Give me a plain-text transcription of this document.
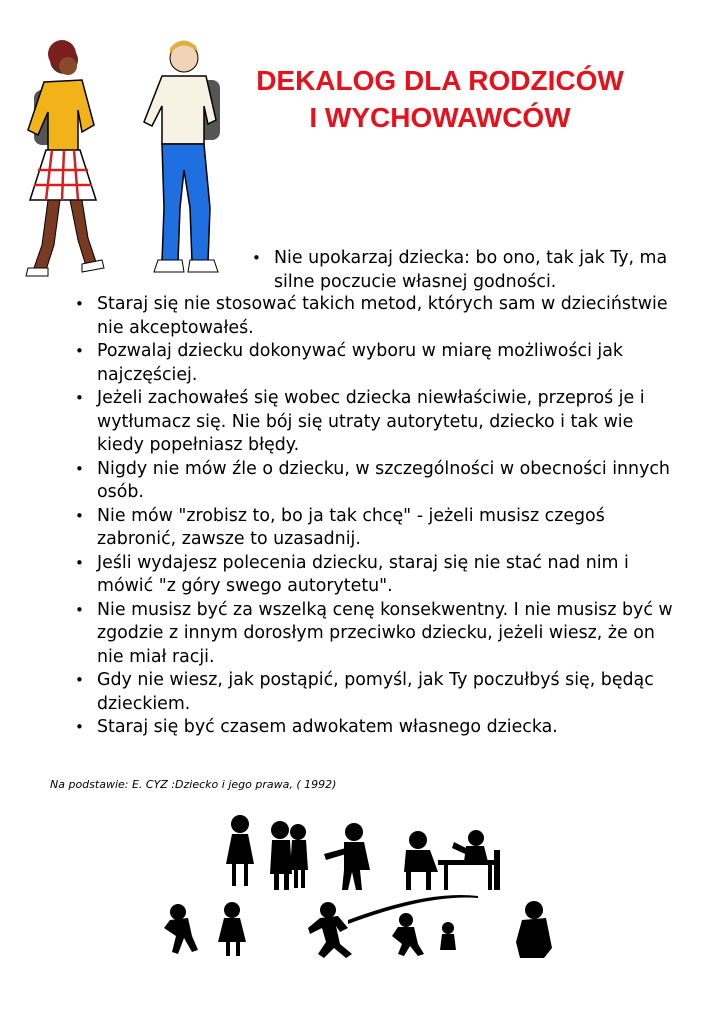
DEKALOG DLA RODZICÓW
I WYCHOWAWCÓW
• Nie upokarzaj dziecka: bo ono, tak jak Ty, ma silne poczucie własnej godności.
• Staraj się nie stosować takich metod, których sam w dzieciństwie nie akceptowałeś.
• Pozwalaj dziecku dokonywać wyboru w miarę możliwości jak najczęściej.
• Jeżeli zachowałeś się wobec dziecka niewłaściwie, przeproś je i wytłumacz się. Nie bój się utraty autorytetu, dziecko i tak wie kiedy popełniasz błędy.
• Nigdy nie mów źle o dziecku, w szczególności w obecności innych osób.
• Nie mów "zrobisz to, bo ja tak chcę" - jeżeli musisz czegoś zabronić, zawsze to uzasadnij.
• Jeśli wydajesz polecenia dziecku, staraj się nie stać nad nim i mówić "z góry swego autorytetu".
• Nie musisz być za wszelką cenę konsekwentny. I nie musisz być w zgodzie z innym dorosłym przeciwko dziecku, jeżeli wiesz, że on nie miał racji.
• Gdy nie wiesz, jak postąpić, pomyśl, jak Ty poczułbyś się, będąc dzieckiem.
• Staraj się być czasem adwokatem własnego dziecka.
Na podstawie: E. CYZ :Dziecko i jego prawa, ( 1992)
